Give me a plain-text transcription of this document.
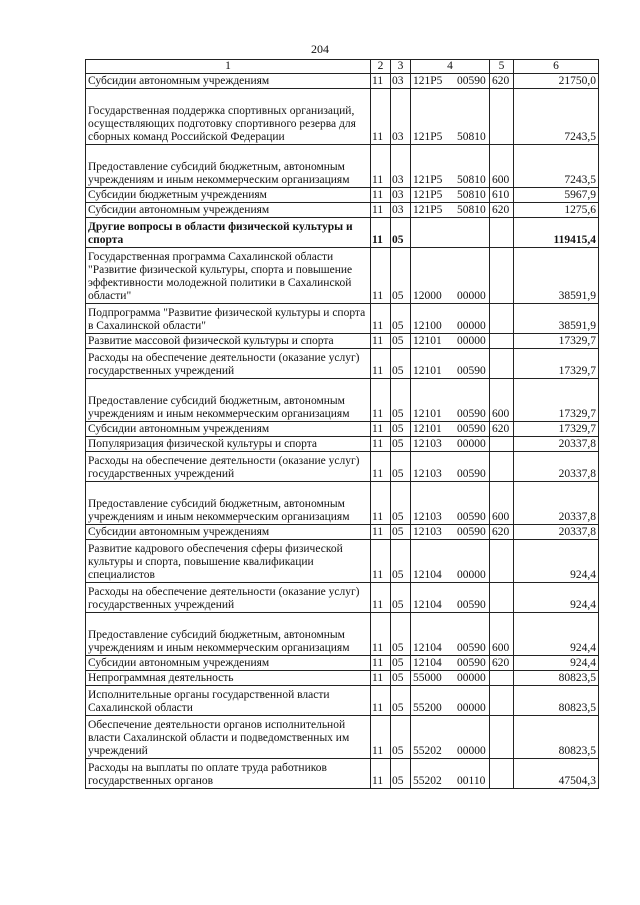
204
1	2	3	4	5	6
Субсидии автономным учреждениям	11	03	121P5 00590	620	21750,0
Государственная поддержка спортивных организаций, осуществляющих подготовку спортивного резерва для сборных команд Российской Федерации	11	03	121P5 50810		7243,5
Предоставление субсидий бюджетным, автономным учреждениям и иным некоммерческим организациям	11	03	121P5 50810	600	7243,5
Субсидии бюджетным учреждениям	11	03	121P5 50810	610	5967,9
Субсидии автономным учреждениям	11	03	121P5 50810	620	1275,6
Другие вопросы в области физической культуры и спорта	11	05			119415,4
Государственная программа Сахалинской области "Развитие физической культуры, спорта и повышение эффективности молодежной политики в Сахалинской области"	11	05	12000 00000		38591,9
Подпрограмма "Развитие физической культуры и спорта в Сахалинской области"	11	05	12100 00000		38591,9
Развитие массовой физической культуры и спорта	11	05	12101 00000		17329,7
Расходы на обеспечение деятельности (оказание услуг) государственных учреждений	11	05	12101 00590		17329,7
Предоставление субсидий бюджетным, автономным учреждениям и иным некоммерческим организациям	11	05	12101 00590	600	17329,7
Субсидии автономным учреждениям	11	05	12101 00590	620	17329,7
Популяризация физической культуры и спорта	11	05	12103 00000		20337,8
Расходы на обеспечение деятельности (оказание услуг) государственных учреждений	11	05	12103 00590		20337,8
Предоставление субсидий бюджетным, автономным учреждениям и иным некоммерческим организациям	11	05	12103 00590	600	20337,8
Субсидии автономным учреждениям	11	05	12103 00590	620	20337,8
Развитие кадрового обеспечения сферы физической культуры и спорта, повышение квалификации специалистов	11	05	12104 00000		924,4
Расходы на обеспечение деятельности (оказание услуг) государственных учреждений	11	05	12104 00590		924,4
Предоставление субсидий бюджетным, автономным учреждениям и иным некоммерческим организациям	11	05	12104 00590	600	924,4
Субсидии автономным учреждениям	11	05	12104 00590	620	924,4
Непрограммная деятельность	11	05	55000 00000		80823,5
Исполнительные органы государственной власти Сахалинской области	11	05	55200 00000		80823,5
Обеспечение деятельности органов исполнительной власти Сахалинской области и подведомственных им учреждений	11	05	55202 00000		80823,5
Расходы на выплаты по оплате труда работников государственных органов	11	05	55202 00110		47504,3
